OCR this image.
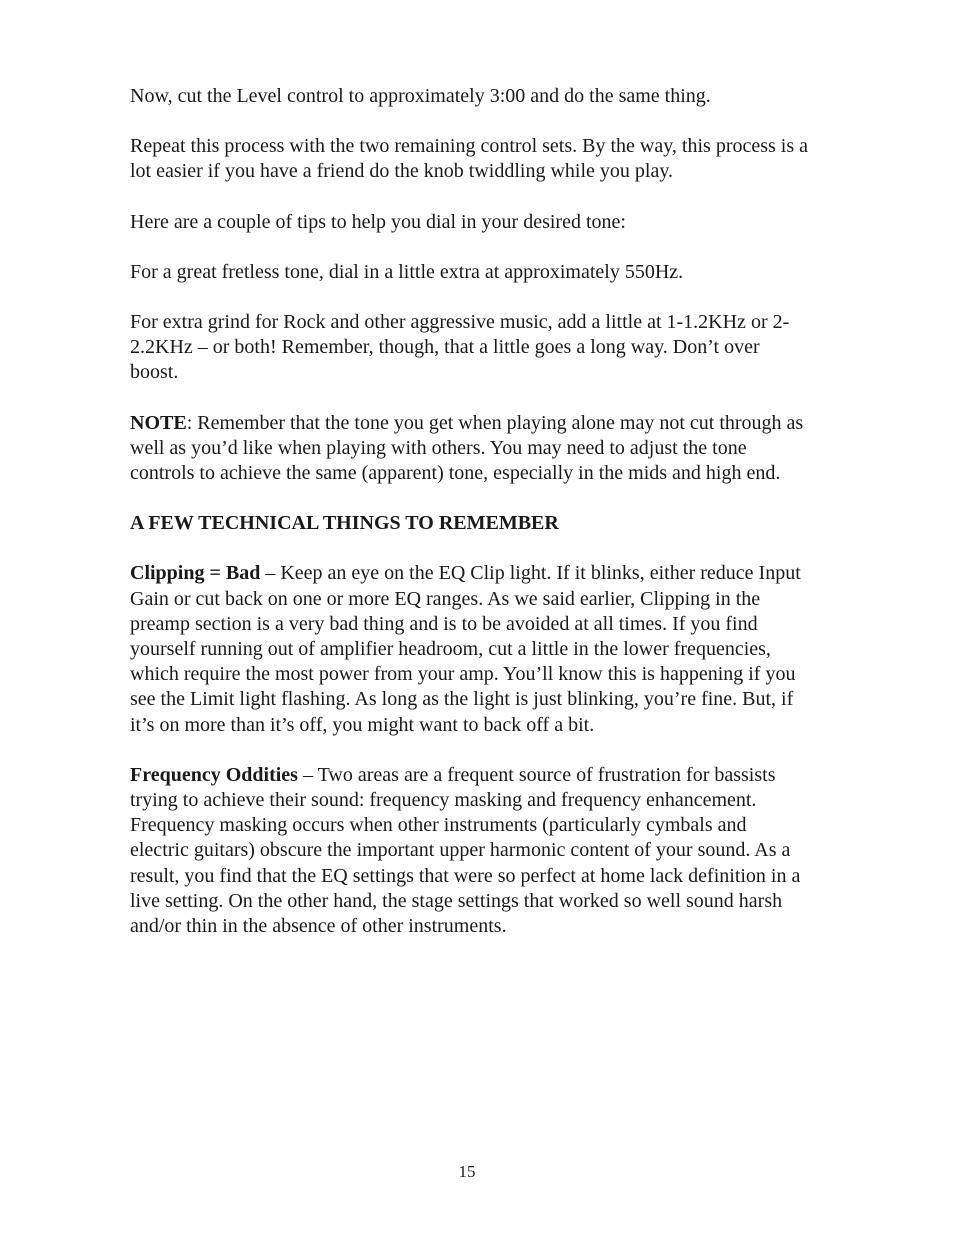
Now, cut the Level control to approximately 3:00 and do the same thing.

Repeat this process with the two remaining control sets. By the way, this process is a lot easier if you have a friend do the knob twiddling while you play.

Here are a couple of tips to help you dial in your desired tone:

For a great fretless tone, dial in a little extra at approximately 550Hz.

For extra grind for Rock and other aggressive music, add a little at 1-1.2KHz or 2-2.2KHz – or both! Remember, though, that a little goes a long way. Don’t over boost.

NOTE: Remember that the tone you get when playing alone may not cut through as well as you’d like when playing with others. You may need to adjust the tone controls to achieve the same (apparent) tone, especially in the mids and high end.

A FEW TECHNICAL THINGS TO REMEMBER

Clipping = Bad – Keep an eye on the EQ Clip light. If it blinks, either reduce Input Gain or cut back on one or more EQ ranges. As we said earlier, Clipping in the preamp section is a very bad thing and is to be avoided at all times. If you find yourself running out of amplifier headroom, cut a little in the lower frequencies, which require the most power from your amp. You’ll know this is happening if you see the Limit light flashing. As long as the light is just blinking, you’re fine. But, if it’s on more than it’s off, you might want to back off a bit.

Frequency Oddities – Two areas are a frequent source of frustration for bassists trying to achieve their sound: frequency masking and frequency enhancement. Frequency masking occurs when other instruments (particularly cymbals and electric guitars) obscure the important upper harmonic content of your sound. As a result, you find that the EQ settings that were so perfect at home lack definition in a live setting. On the other hand, the stage settings that worked so well sound harsh and/or thin in the absence of other instruments.

15
